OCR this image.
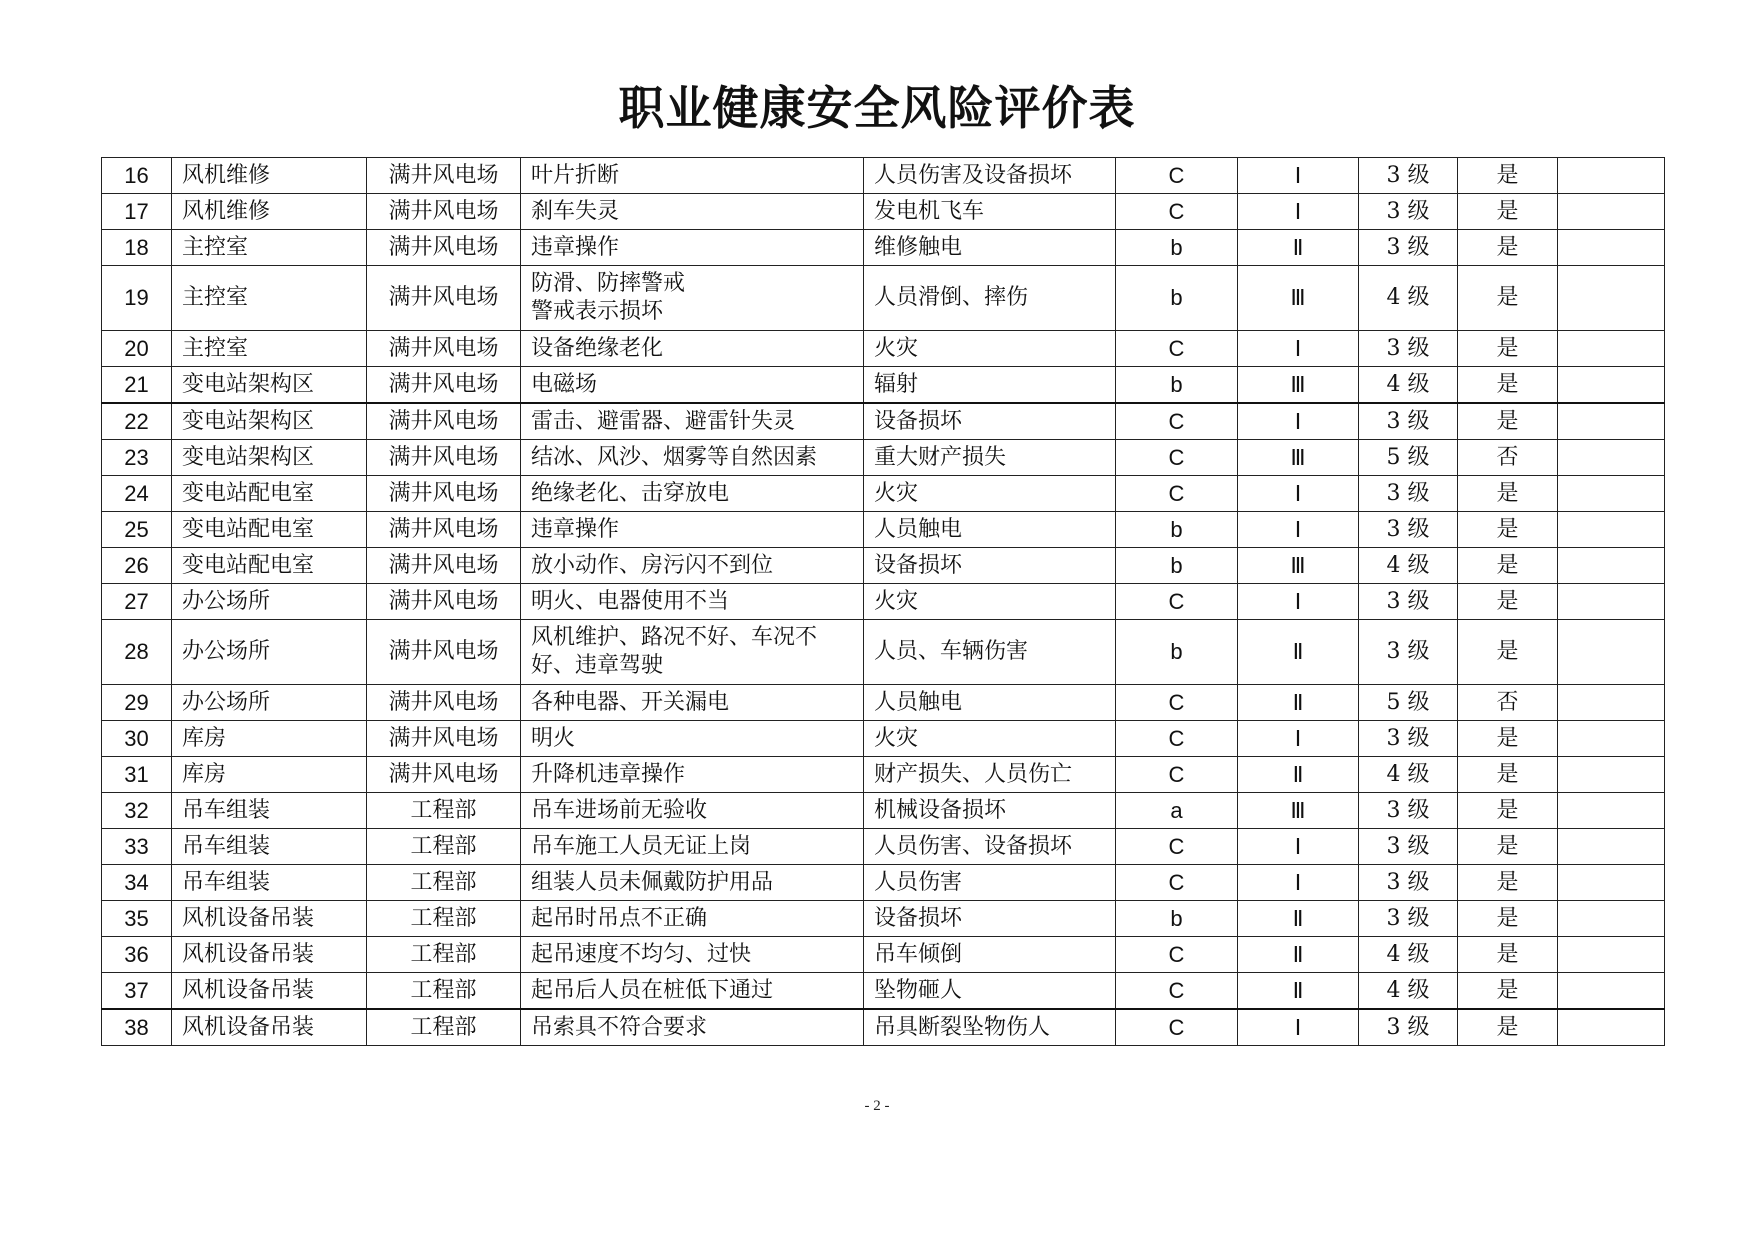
职业健康安全风险评价表
16	风机维修	满井风电场	叶片折断	人员伤害及设备损坏	C	Ⅰ	3 级	是	
17	风机维修	满井风电场	刹车失灵	发电机飞车	C	Ⅰ	3 级	是	
18	主控室	满井风电场	违章操作	维修触电	b	Ⅱ	3 级	是	
19	主控室	满井风电场	防滑、防摔警戒
警戒表示损坏	人员滑倒、摔伤	b	Ⅲ	4 级	是	
20	主控室	满井风电场	设备绝缘老化	火灾	C	Ⅰ	3 级	是	
21	变电站架构区	满井风电场	电磁场	辐射	b	Ⅲ	4 级	是	
22	变电站架构区	满井风电场	雷击、避雷器、避雷针失灵	设备损坏	C	Ⅰ	3 级	是	
23	变电站架构区	满井风电场	结冰、风沙、烟雾等自然因素	重大财产损失	C	Ⅲ	5 级	否	
24	变电站配电室	满井风电场	绝缘老化、击穿放电	火灾	C	Ⅰ	3 级	是	
25	变电站配电室	满井风电场	违章操作	人员触电	b	Ⅰ	3 级	是	
26	变电站配电室	满井风电场	放小动作、房污闪不到位	设备损坏	b	Ⅲ	4 级	是	
27	办公场所	满井风电场	明火、电器使用不当	火灾	C	Ⅰ	3 级	是	
28	办公场所	满井风电场	风机维护、路况不好、车况不好、违章驾驶	人员、车辆伤害	b	Ⅱ	3 级	是	
29	办公场所	满井风电场	各种电器、开关漏电	人员触电	C	Ⅱ	5 级	否	
30	库房	满井风电场	明火	火灾	C	Ⅰ	3 级	是	
31	库房	满井风电场	升降机违章操作	财产损失、人员伤亡	C	Ⅱ	4 级	是	
32	吊车组装	工程部	吊车进场前无验收	机械设备损坏	a	Ⅲ	3 级	是	
33	吊车组装	工程部	吊车施工人员无证上岗	人员伤害、设备损坏	C	Ⅰ	3 级	是	
34	吊车组装	工程部	组装人员未佩戴防护用品	人员伤害	C	Ⅰ	3 级	是	
35	风机设备吊装	工程部	起吊时吊点不正确	设备损坏	b	Ⅱ	3 级	是	
36	风机设备吊装	工程部	起吊速度不均匀、过快	吊车倾倒	C	Ⅱ	4 级	是	
37	风机设备吊装	工程部	起吊后人员在桩低下通过	坠物砸人	C	Ⅱ	4 级	是	
38	风机设备吊装	工程部	吊索具不符合要求	吊具断裂坠物伤人	C	Ⅰ	3 级	是	
- 2 -
